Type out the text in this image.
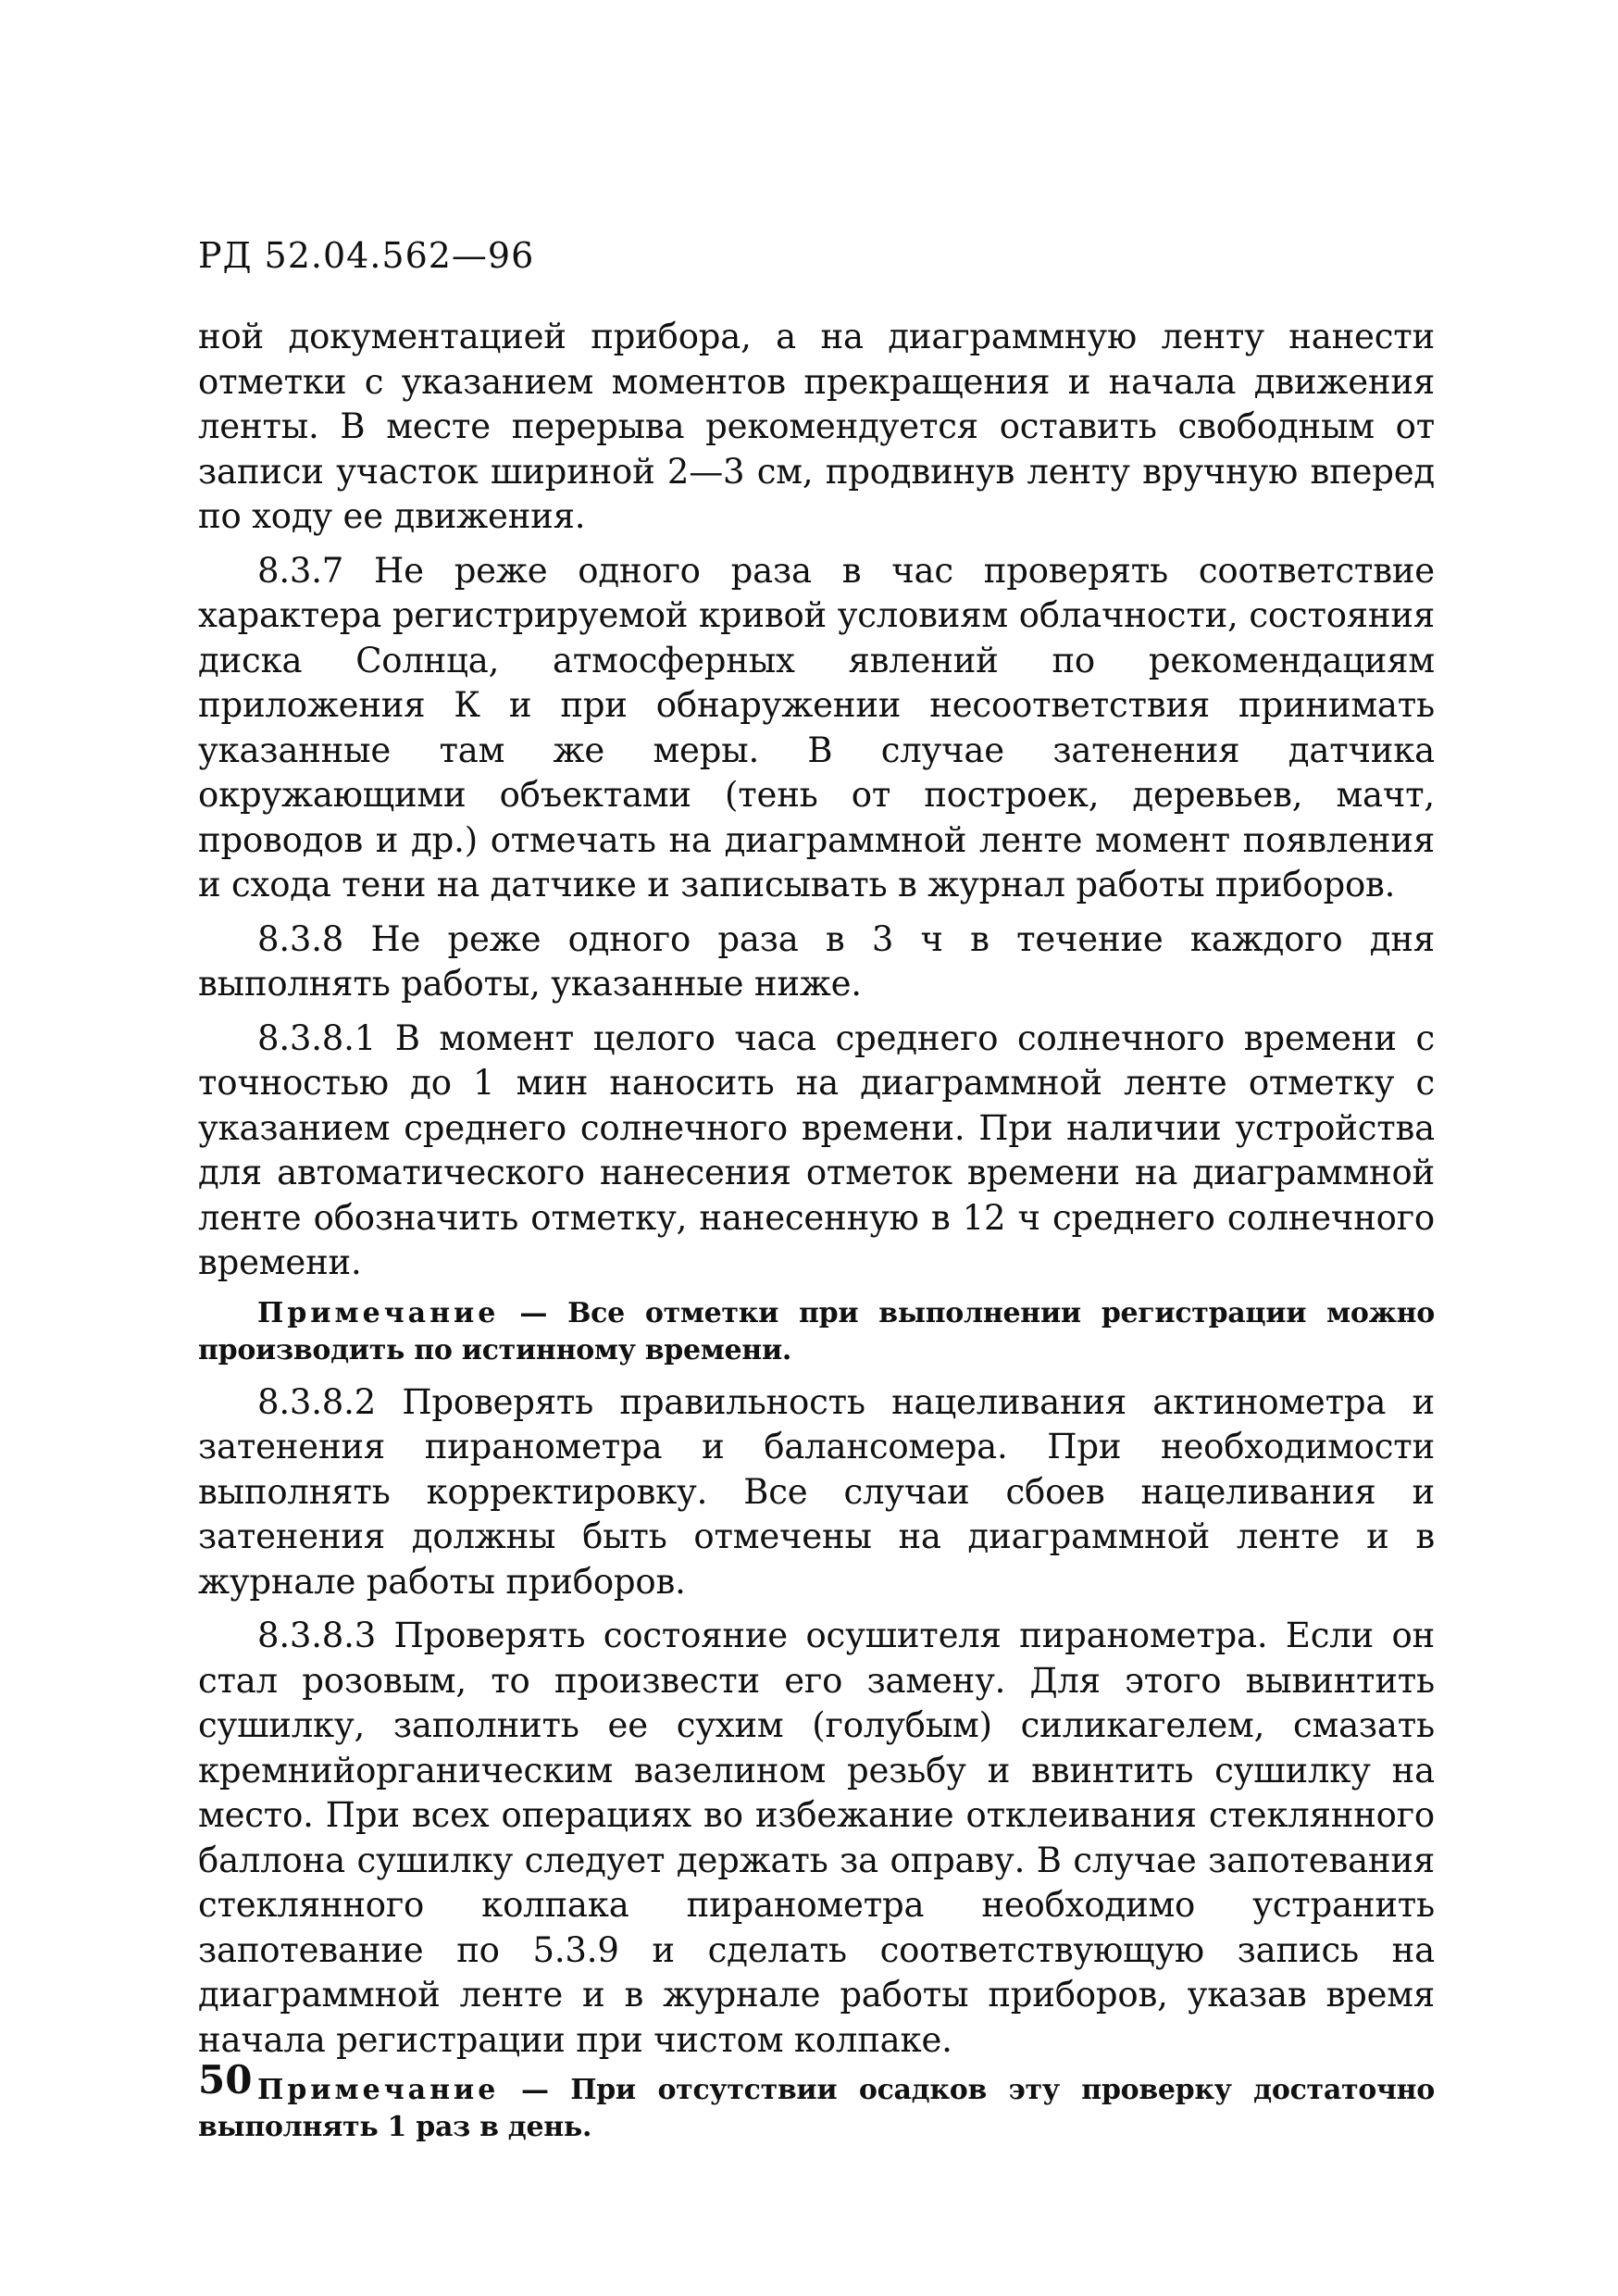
РД 52.04.562—96

ной документацией прибора, а на диаграммную ленту нанести отметки с указанием моментов прекращения и начала движения ленты. В месте перерыва рекомендуется оставить свободным от записи участок шириной 2—3 см, продвинув ленту вручную вперед по ходу ее движения.

8.3.7 Не реже одного раза в час проверять соответствие характера регистрируемой кривой условиям облачности, состояния диска Солнца, атмосферных явлений по рекомендациям приложения К и при обнаружении несоответствия принимать указанные там же меры. В случае затенения датчика окружающими объектами (тень от построек, деревьев, мачт, проводов и др.) отмечать на диаграммной ленте момент появления и схода тени на датчике и записывать в журнал работы приборов.

8.3.8 Не реже одного раза в 3 ч в течение каждого дня выполнять работы, указанные ниже.

8.3.8.1 В момент целого часа среднего солнечного времени с точностью до 1 мин наносить на диаграммной ленте отметку с указанием среднего солнечного времени. При наличии устройства для автоматического нанесения отметок времени на диаграммной ленте обозначить отметку, нанесенную в 12 ч среднего солнечного времени.

Примечание — Все отметки при выполнении регистрации можно производить по истинному времени.

8.3.8.2 Проверять правильность нацеливания актинометра и затенения пиранометра и балансомера. При необходимости выполнять корректировку. Все случаи сбоев нацеливания и затенения должны быть отмечены на диаграммной ленте и в журнале работы приборов.

8.3.8.3 Проверять состояние осушителя пиранометра. Если он стал розовым, то произвести его замену. Для этого вывинтить сушилку, заполнить ее сухим (голубым) силикагелем, смазать кремнийорганическим вазелином резьбу и ввинтить сушилку на место. При всех операциях во избежание отклеивания стеклянного баллона сушилку следует держать за оправу. В случае запотевания стеклянного колпака пиранометра необходимо устранить запотевание по 5.3.9 и сделать соответствующую запись на диаграммной ленте и в журнале работы приборов, указав время начала регистрации при чистом колпаке.

Примечание — При отсутствии осадков эту проверку достаточно выполнять 1 раз в день.

50
